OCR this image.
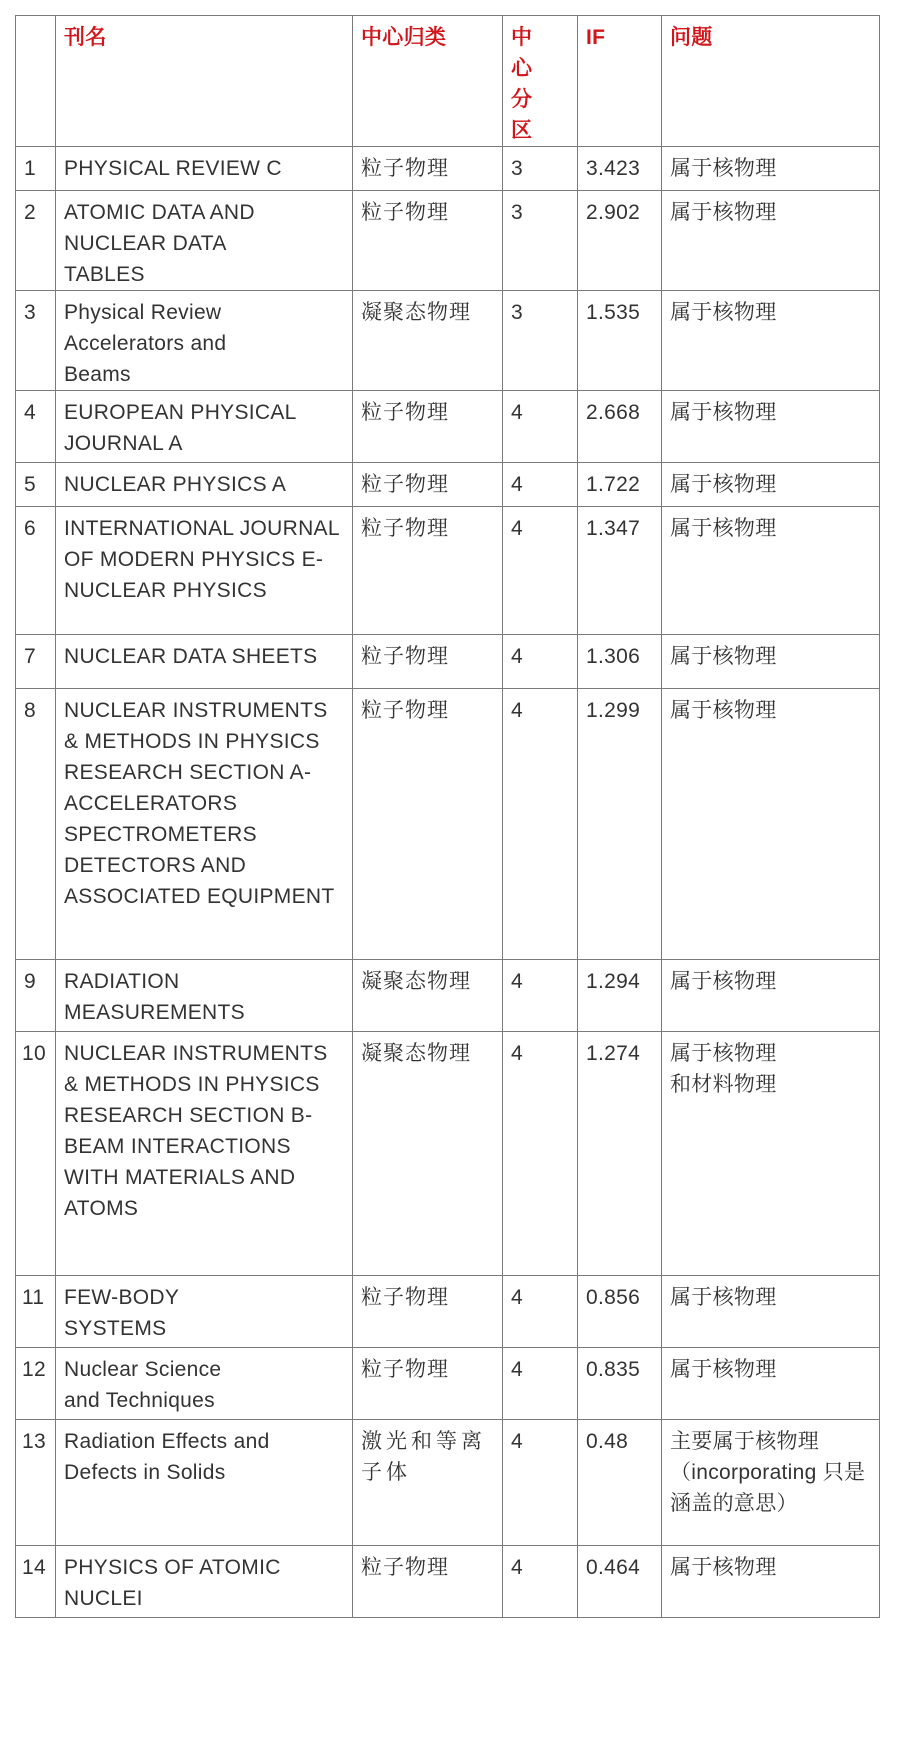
	刊名	中心归类	中心分区	IF	问题
1	PHYSICAL REVIEW C	粒子物理	3	3.423	属于核物理
2	ATOMIC DATA AND NUCLEAR DATA TABLES	粒子物理	3	2.902	属于核物理
3	Physical Review Accelerators and Beams	凝聚态物理	3	1.535	属于核物理
4	EUROPEAN PHYSICAL JOURNAL A	粒子物理	4	2.668	属于核物理
5	NUCLEAR PHYSICS A	粒子物理	4	1.722	属于核物理
6	INTERNATIONAL JOURNAL OF MODERN PHYSICS E-NUCLEAR PHYSICS	粒子物理	4	1.347	属于核物理
7	NUCLEAR DATA SHEETS	粒子物理	4	1.306	属于核物理
8	NUCLEAR INSTRUMENTS & METHODS IN PHYSICS RESEARCH SECTION A-ACCELERATORS SPECTROMETERS DETECTORS AND ASSOCIATED EQUIPMENT	粒子物理	4	1.299	属于核物理
9	RADIATION MEASUREMENTS	凝聚态物理	4	1.294	属于核物理
10	NUCLEAR INSTRUMENTS & METHODS IN PHYSICS RESEARCH SECTION B-BEAM INTERACTIONS WITH MATERIALS AND ATOMS	凝聚态物理	4	1.274	属于核物理和材料物理
11	FEW-BODY SYSTEMS	粒子物理	4	0.856	属于核物理
12	Nuclear Science and Techniques	粒子物理	4	0.835	属于核物理
13	Radiation Effects and Defects in Solids	激光和等离子体	4	0.48	主要属于核物理（incorporating 只是涵盖的意思）
14	PHYSICS OF ATOMIC NUCLEI	粒子物理	4	0.464	属于核物理
